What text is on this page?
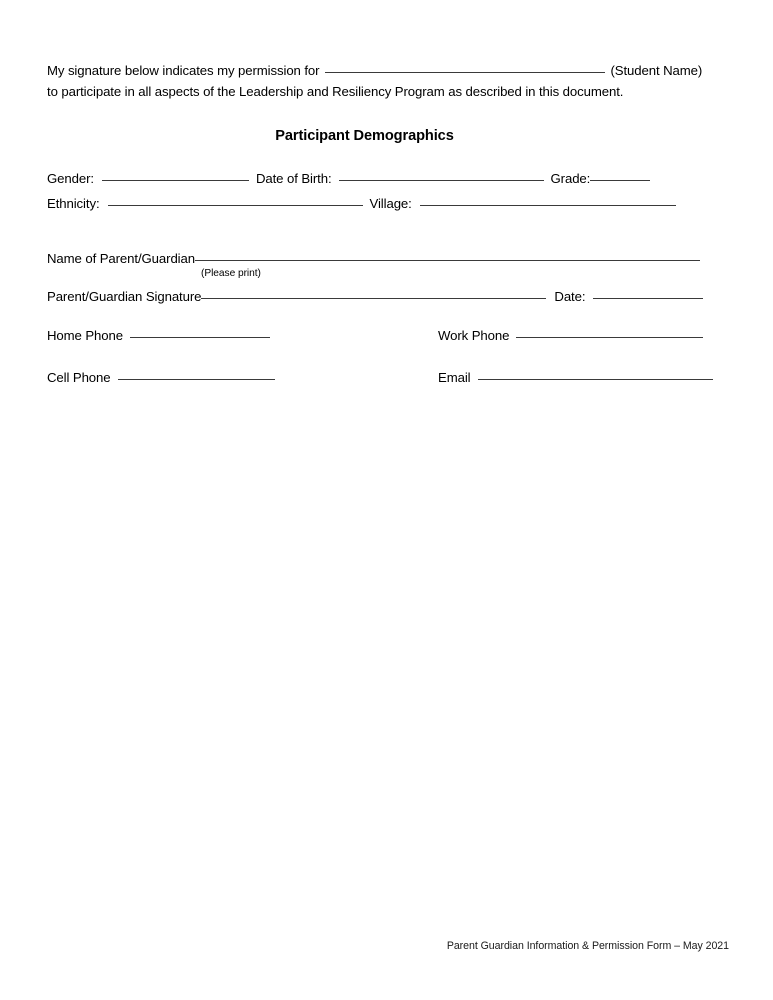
My signature below indicates my permission for	(Student Name)
to participate in all aspects of the Leadership and Resiliency Program as described in this document.
Participant Demographics
Gender:	Date of Birth:	Grade:
Ethnicity:	Village:
Name of Parent/Guardian
(Please print)
Parent/Guardian Signature	Date:
Home Phone	Work Phone
Cell Phone	Email
Parent Guardian Information & Permission Form – May 2021
